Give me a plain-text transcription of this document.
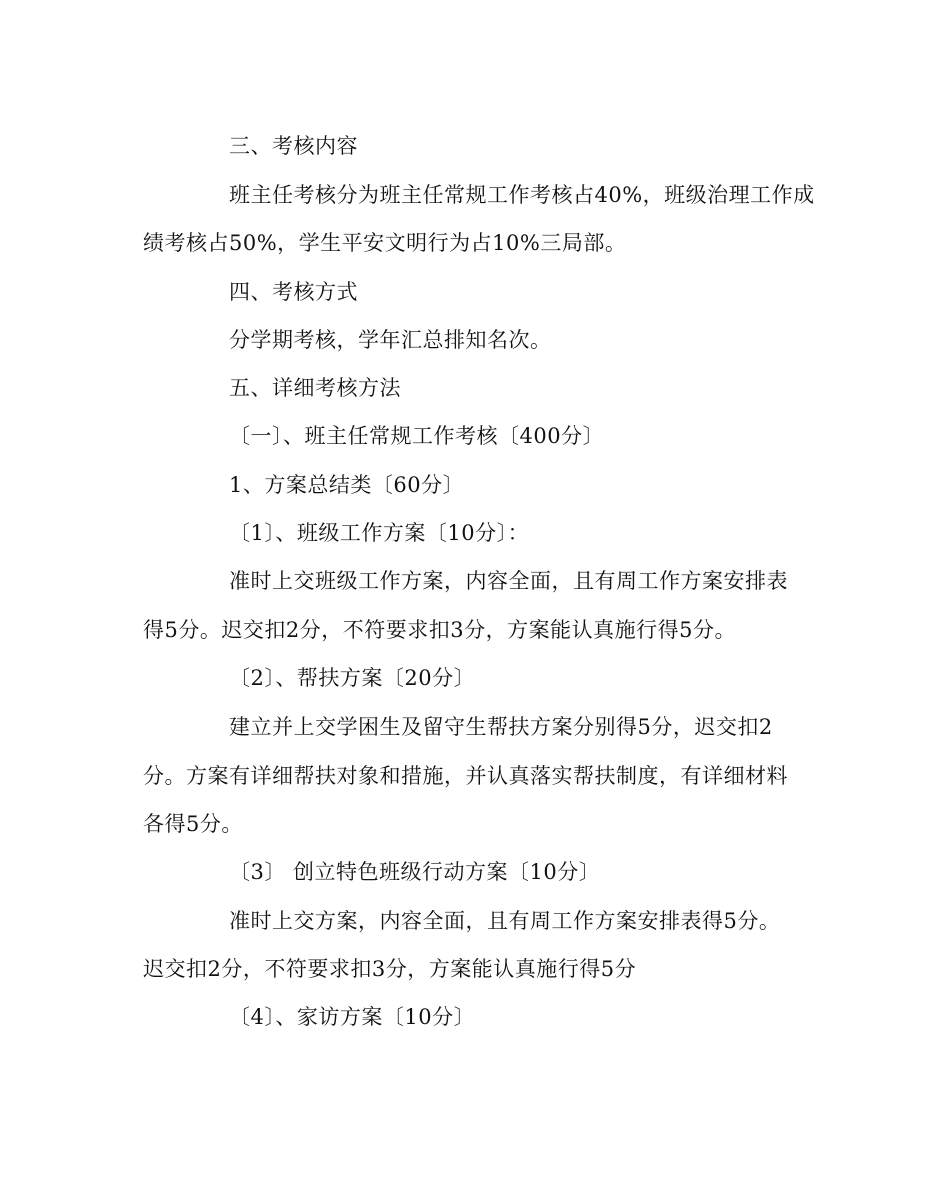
三、考核内容
班主任考核分为班主任常规工作考核占40%，班级治理工作成
绩考核占50%，学生平安文明行为占10%三局部。
四、考核方式
分学期考核，学年汇总排知名次。
五、详细考核方法
〔一〕、班主任常规工作考核〔400分〕
1、方案总结类〔60分〕
〔1〕、班级工作方案〔10分〕：
准时上交班级工作方案，内容全面，且有周工作方案安排表
得5分。迟交扣2分，不符要求扣3分，方案能认真施行得5分。
〔2〕、帮扶方案〔20分〕
建立并上交学困生及留守生帮扶方案分别得5分，迟交扣2
分。方案有详细帮扶对象和措施，并认真落实帮扶制度，有详细材料
各得5分。
〔3〕 创立特色班级行动方案〔10分〕
准时上交方案，内容全面，且有周工作方案安排表得5分。
迟交扣2分，不符要求扣3分，方案能认真施行得5分
〔4〕、家访方案〔10分〕
